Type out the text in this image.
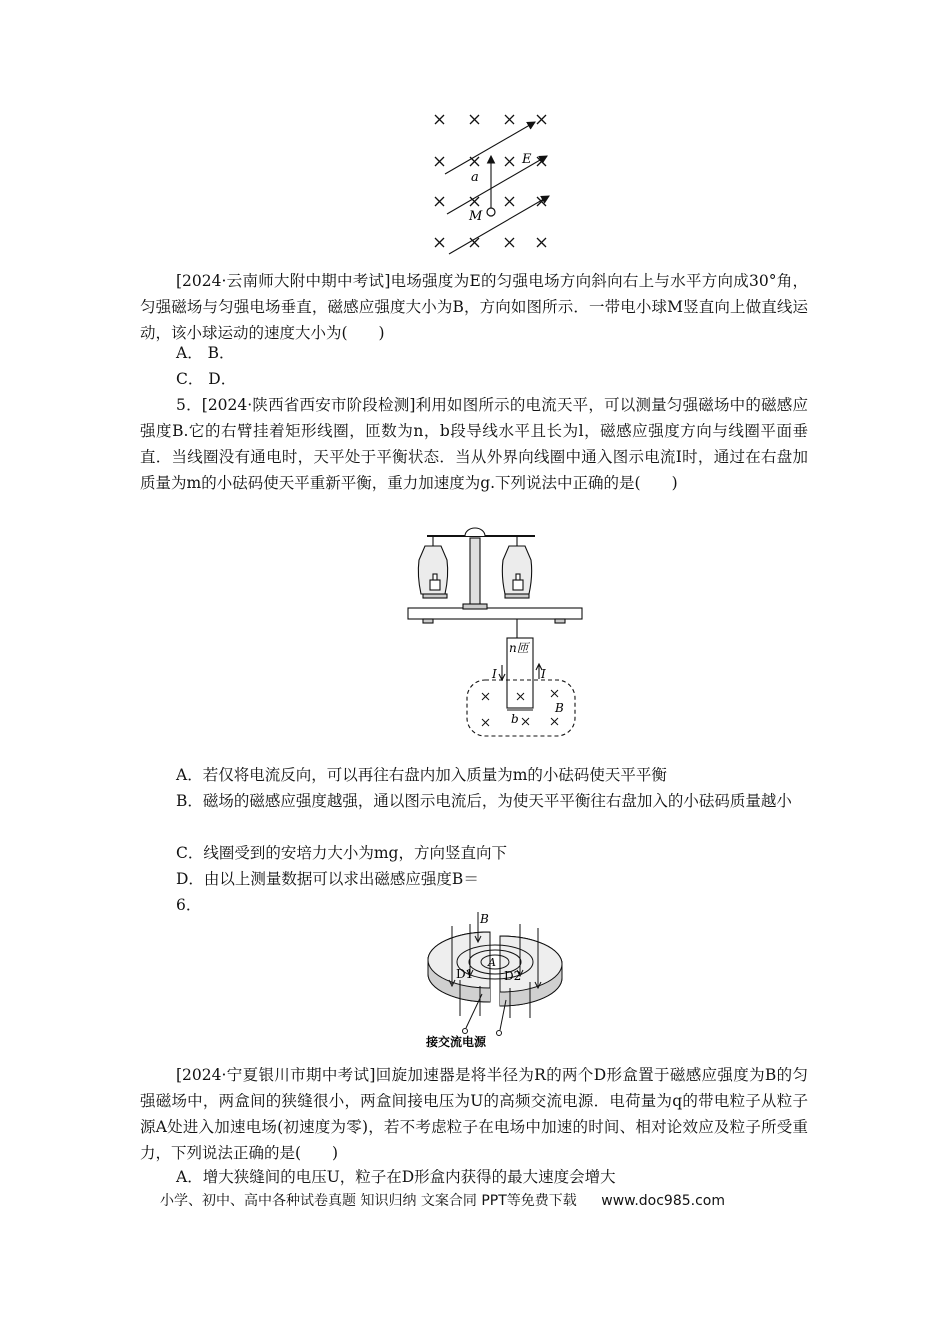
E
a
M
[2024·云南师大附中期中考试]电场强度为E的匀强电场方向斜向右上与水平方向成30°角，匀强磁场与匀强电场垂直，磁感应强度大小为B，方向如图所示．一带电小球M竖直向上做直线运动，该小球运动的速度大小为(　　)
A． B．
C． D．
5．[2024·陕西省西安市阶段检测]利用如图所示的电流天平，可以测量匀强磁场中的磁感应强度B.它的右臂挂着矩形线圈，匝数为n，b段导线水平且长为l，磁感应强度方向与线圈平面垂直．当线圈没有通电时，天平处于平衡状态．当从外界向线圈中通入图示电流I时，通过在右盘加质量为m的小砝码使天平重新平衡，重力加速度为g.下列说法中正确的是(　　)
n匝
I	I
b
B
A．若仅将电流反向，可以再往右盘内加入质量为m的小砝码使天平平衡
B．磁场的磁感应强度越强，通以图示电流后，为使天平平衡往右盘加入的小砝码质量越小
C．线圈受到的安培力大小为mg，方向竖直向下
D．由以上测量数据可以求出磁感应强度B＝
6．
B
A
D1	D2
接交流电源
[2024·宁夏银川市期中考试]回旋加速器是将半径为R的两个D形盒置于磁感应强度为B的匀强磁场中，两盒间的狭缝很小，两盒间接电压为U的高频交流电源．电荷量为q的带电粒子从粒子源A处进入加速电场(初速度为零)，若不考虑粒子在电场中加速的时间、相对论效应及粒子所受重力，下列说法正确的是(　　)
A．增大狭缝间的电压U，粒子在D形盒内获得的最大速度会增大
小学、初中、高中各种试卷真题 知识归纳 文案合同 PPT等免费下载 www.doc985.com
